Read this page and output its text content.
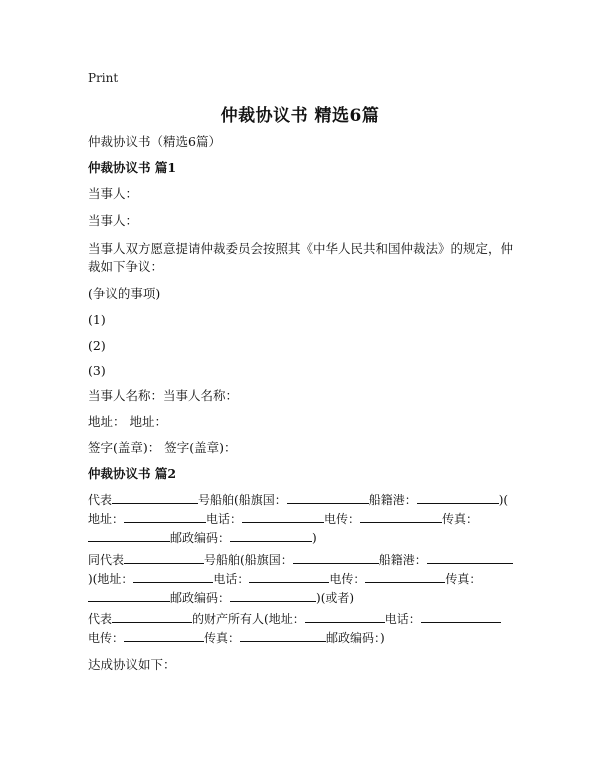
Print
仲裁协议书 精选6篇
仲裁协议书（精选6篇）
仲裁协议书 篇1
当事人：
当事人：
当事人双方愿意提请仲裁委员会按照其《中华人民共和国仲裁法》的规定，仲裁如下争议：
(争议的事项)
(1)
(2)
(3)
当事人名称：当事人名称：
地址： 地址：
签字(盖章)： 签字(盖章)：
仲裁协议书 篇2
代表	号船舶(船旗国：	船籍港：	)(
地址：	电话：	电传：	传真：
邮政编码：	)
同代表	号船舶(船旗国：	船籍港：
)(地址：	电话：	电传：	传真：
邮政编码：	)(或者)
代表	的财产所有人(地址：	电话：
电传：	传真：	邮政编码：)
达成协议如下：
